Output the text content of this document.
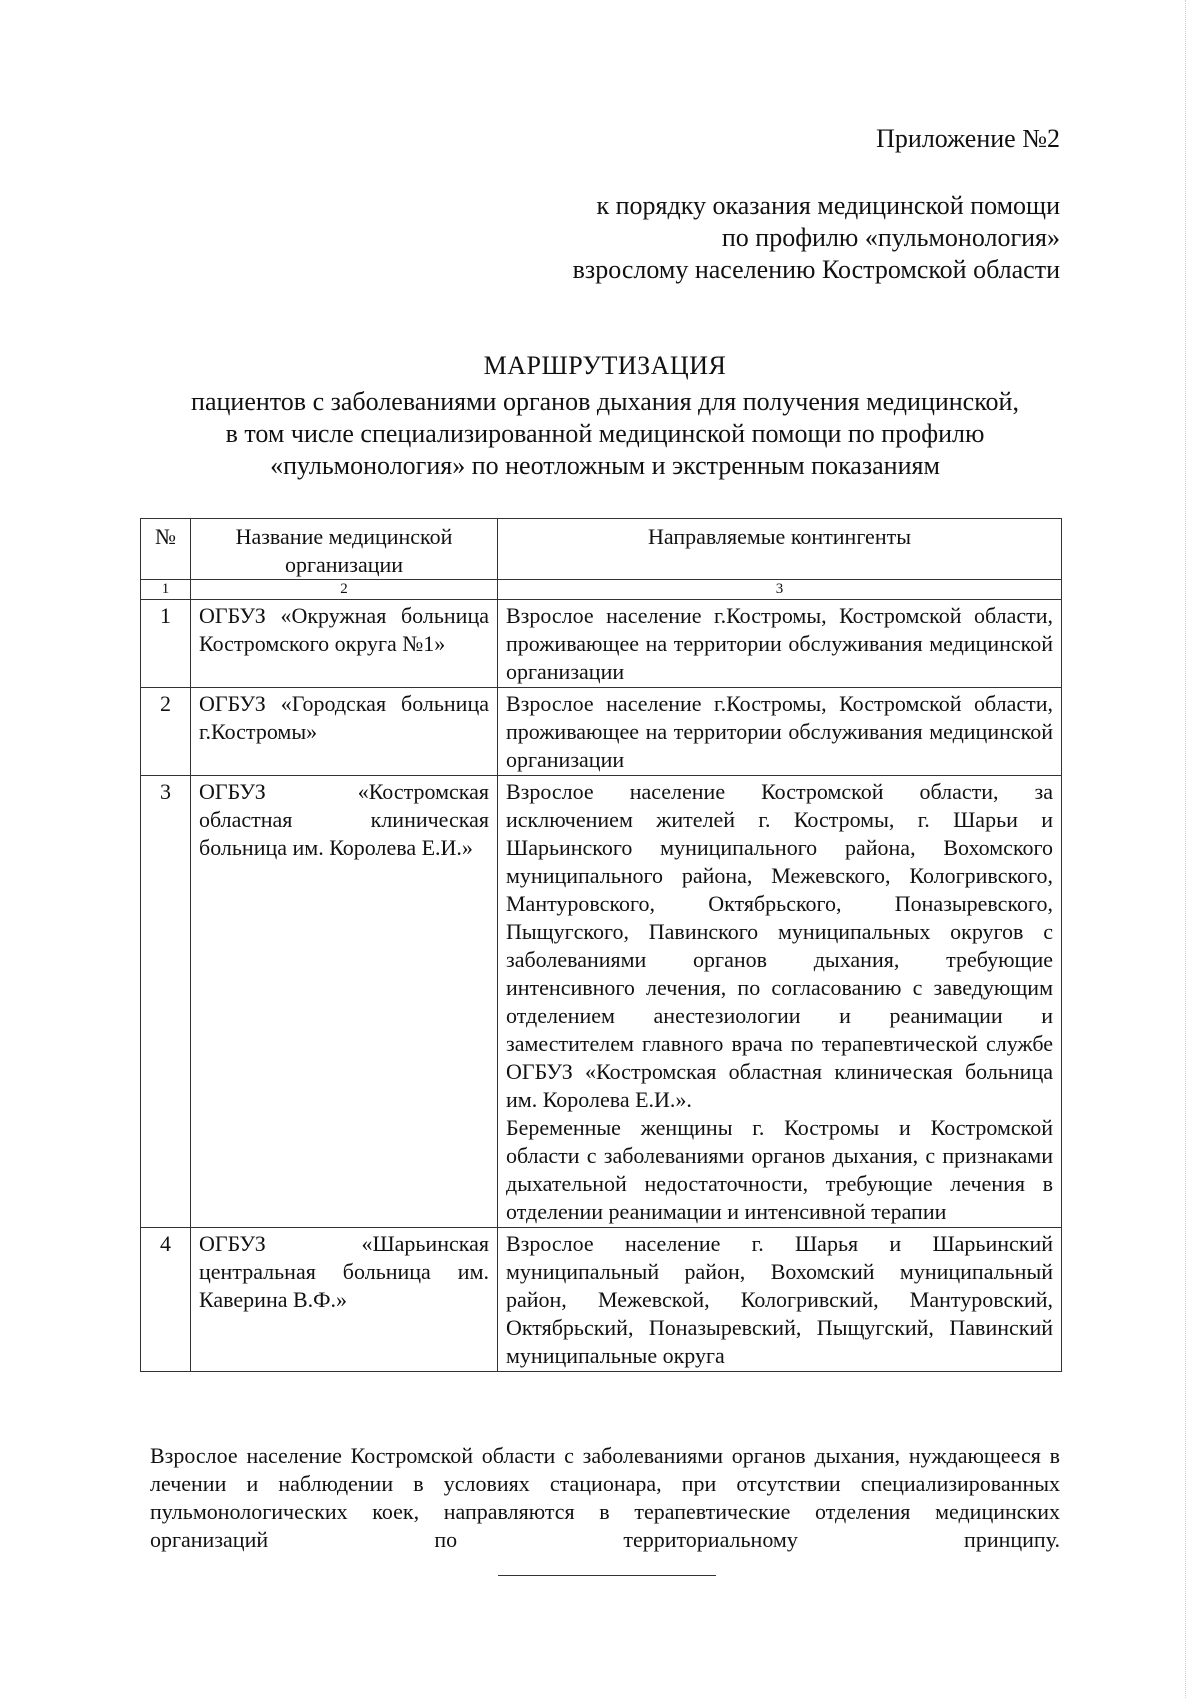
Приложение №2
к порядку оказания медицинской помощи
по профилю «пульмонология»
взрослому населению Костромской области
МАРШРУТИЗАЦИЯ
пациентов с заболеваниями органов дыхания для получения медицинской,
в том числе специализированной медицинской помощи по профилю
«пульмонология» по неотложным и экстренным показаниям
№	Название медицинской организации	Направляемые контингенты
1	2	3
1	ОГБУЗ «Окружная больница Костромского округа №1»	Взрослое население г.Костромы, Костромской области, проживающее на территории обслуживания медицинской организации

2	ОГБУЗ «Городская больница г.Костромы»	Взрослое население г.Костромы, Костромской области, проживающее на территории обслуживания медицинской организации

3	ОГБУЗ «Костромская областная клиническая больница им. Королева Е.И.»	Взрослое население Костромской области, за исключением жителей г. Костромы, г. Шарьи и Шарьинского муниципального района, Вохомского муниципального района, Межевского, Кологривского, Мантуровского, Октябрьского, Поназыревского, Пыщугского, Павинского муниципальных округов с заболеваниями органов дыхания, требующие интенсивного лечения, по согласованию с заведующим отделением анестезиологии и реанимации и заместителем главного врача по терапевтической службе ОГБУЗ «Костромская областная клиническая больница им. Королева Е.И.».
Беременные женщины г. Костромы и Костромской области с заболеваниями органов дыхания, с признаками дыхательной недостаточности, требующие лечения в отделении реанимации и интенсивной терапии

4	ОГБУЗ «Шарьинская центральная больница им. Каверина В.Ф.»	Взрослое население г. Шарья и Шарьинский муниципальный район, Вохомский муниципальный район, Межевской, Кологривский, Мантуровский, Октябрьский, Поназыревский, Пыщугский, Павинский муниципальные округа
Взрослое население Костромской области с заболеваниями органов дыхания, нуждающееся в лечении и наблюдении в условиях стационара, при отсутствии специализированных пульмонологических коек, направляются в терапевтические отделения медицинских организаций по территориальному принципу.
